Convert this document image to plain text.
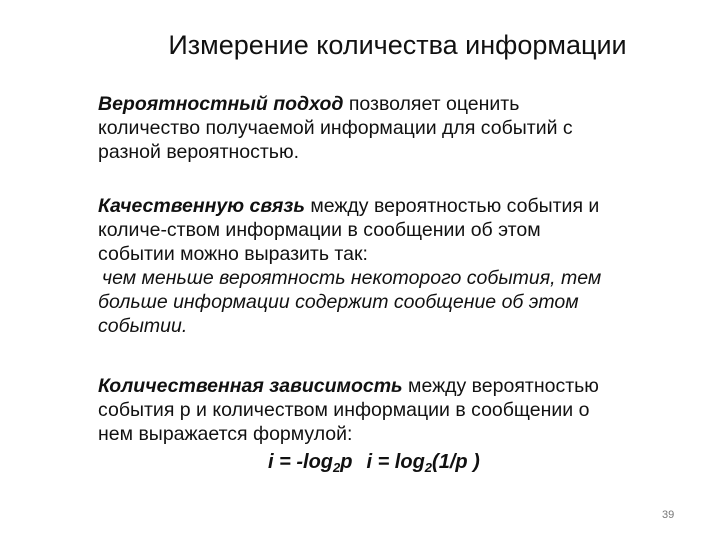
Измерение количества информации
Вероятностный подход позволяет оценить
количество получаемой информации для событий с
разной вероятностью.
Качественную связь между вероятностью события и
количе-ством информации в сообщении об этом
событии можно выразить так:
чем меньше вероятность некоторого события, тем
больше информации содержит сообщение об этом
событии.
Количественная зависимость между вероятностью
события p и количеством информации в сообщении о
нем выражается формулой:
$i = -\log_2p$ $i = \log_2(1/p$ )
39
